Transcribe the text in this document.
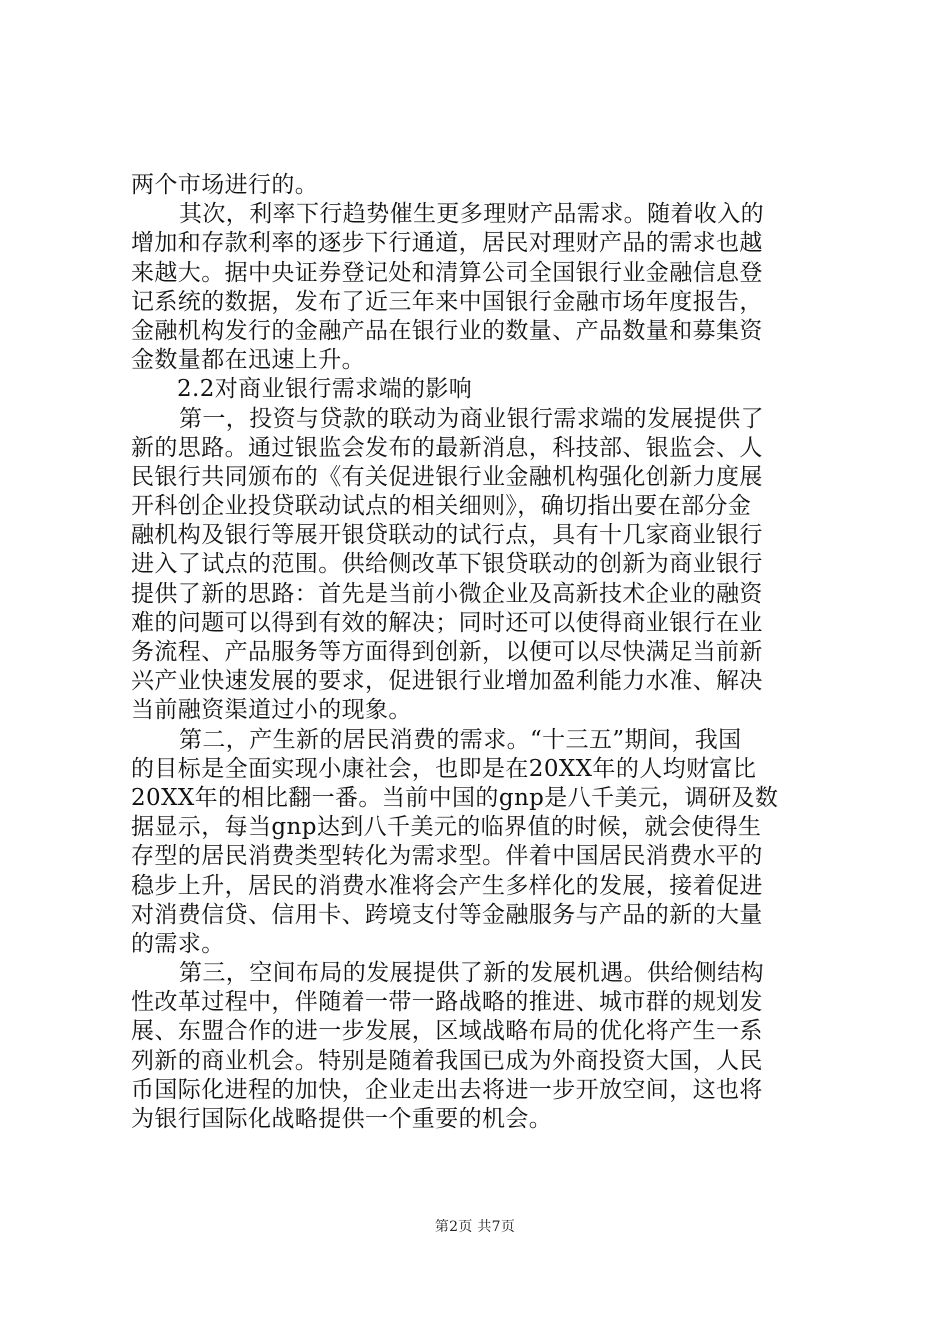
两个市场进行的。
其次，利率下行趋势催生更多理财产品需求。随着收入的
增加和存款利率的逐步下行通道，居民对理财产品的需求也越
来越大。据中央证券登记处和清算公司全国银行业金融信息登
记系统的数据，发布了近三年来中国银行金融市场年度报告，
金融机构发行的金融产品在银行业的数量、产品数量和募集资
金数量都在迅速上升。
2.2对商业银行需求端的影响
第一，投资与贷款的联动为商业银行需求端的发展提供了
新的思路。通过银监会发布的最新消息，科技部、银监会、人
民银行共同颁布的《有关促进银行业金融机构强化创新力度展
开科创企业投贷联动试点的相关细则》，确切指出要在部分金
融机构及银行等展开银贷联动的试行点，具有十几家商业银行
进入了试点的范围。供给侧改革下银贷联动的创新为商业银行
提供了新的思路：首先是当前小微企业及高新技术企业的融资
难的问题可以得到有效的解决；同时还可以使得商业银行在业
务流程、产品服务等方面得到创新，以便可以尽快满足当前新
兴产业快速发展的要求，促进银行业增加盈利能力水准、解决
当前融资渠道过小的现象。
第二，产生新的居民消费的需求。“十三五”期间，我国
的目标是全面实现小康社会，也即是在20XX年的人均财富比
20XX年的相比翻一番。当前中国的gnp是八千美元，调研及数
据显示，每当gnp达到八千美元的临界值的时候，就会使得生
存型的居民消费类型转化为需求型。伴着中国居民消费水平的
稳步上升，居民的消费水准将会产生多样化的发展，接着促进
对消费信贷、信用卡、跨境支付等金融服务与产品的新的大量
的需求。
第三，空间布局的发展提供了新的发展机遇。供给侧结构
性改革过程中，伴随着一带一路战略的推进、城市群的规划发
展、东盟合作的进一步发展，区域战略布局的优化将产生一系
列新的商业机会。特别是随着我国已成为外商投资大国，人民
币国际化进程的加快，企业走出去将进一步开放空间，这也将
为银行国际化战略提供一个重要的机会。
第2页 共7页
